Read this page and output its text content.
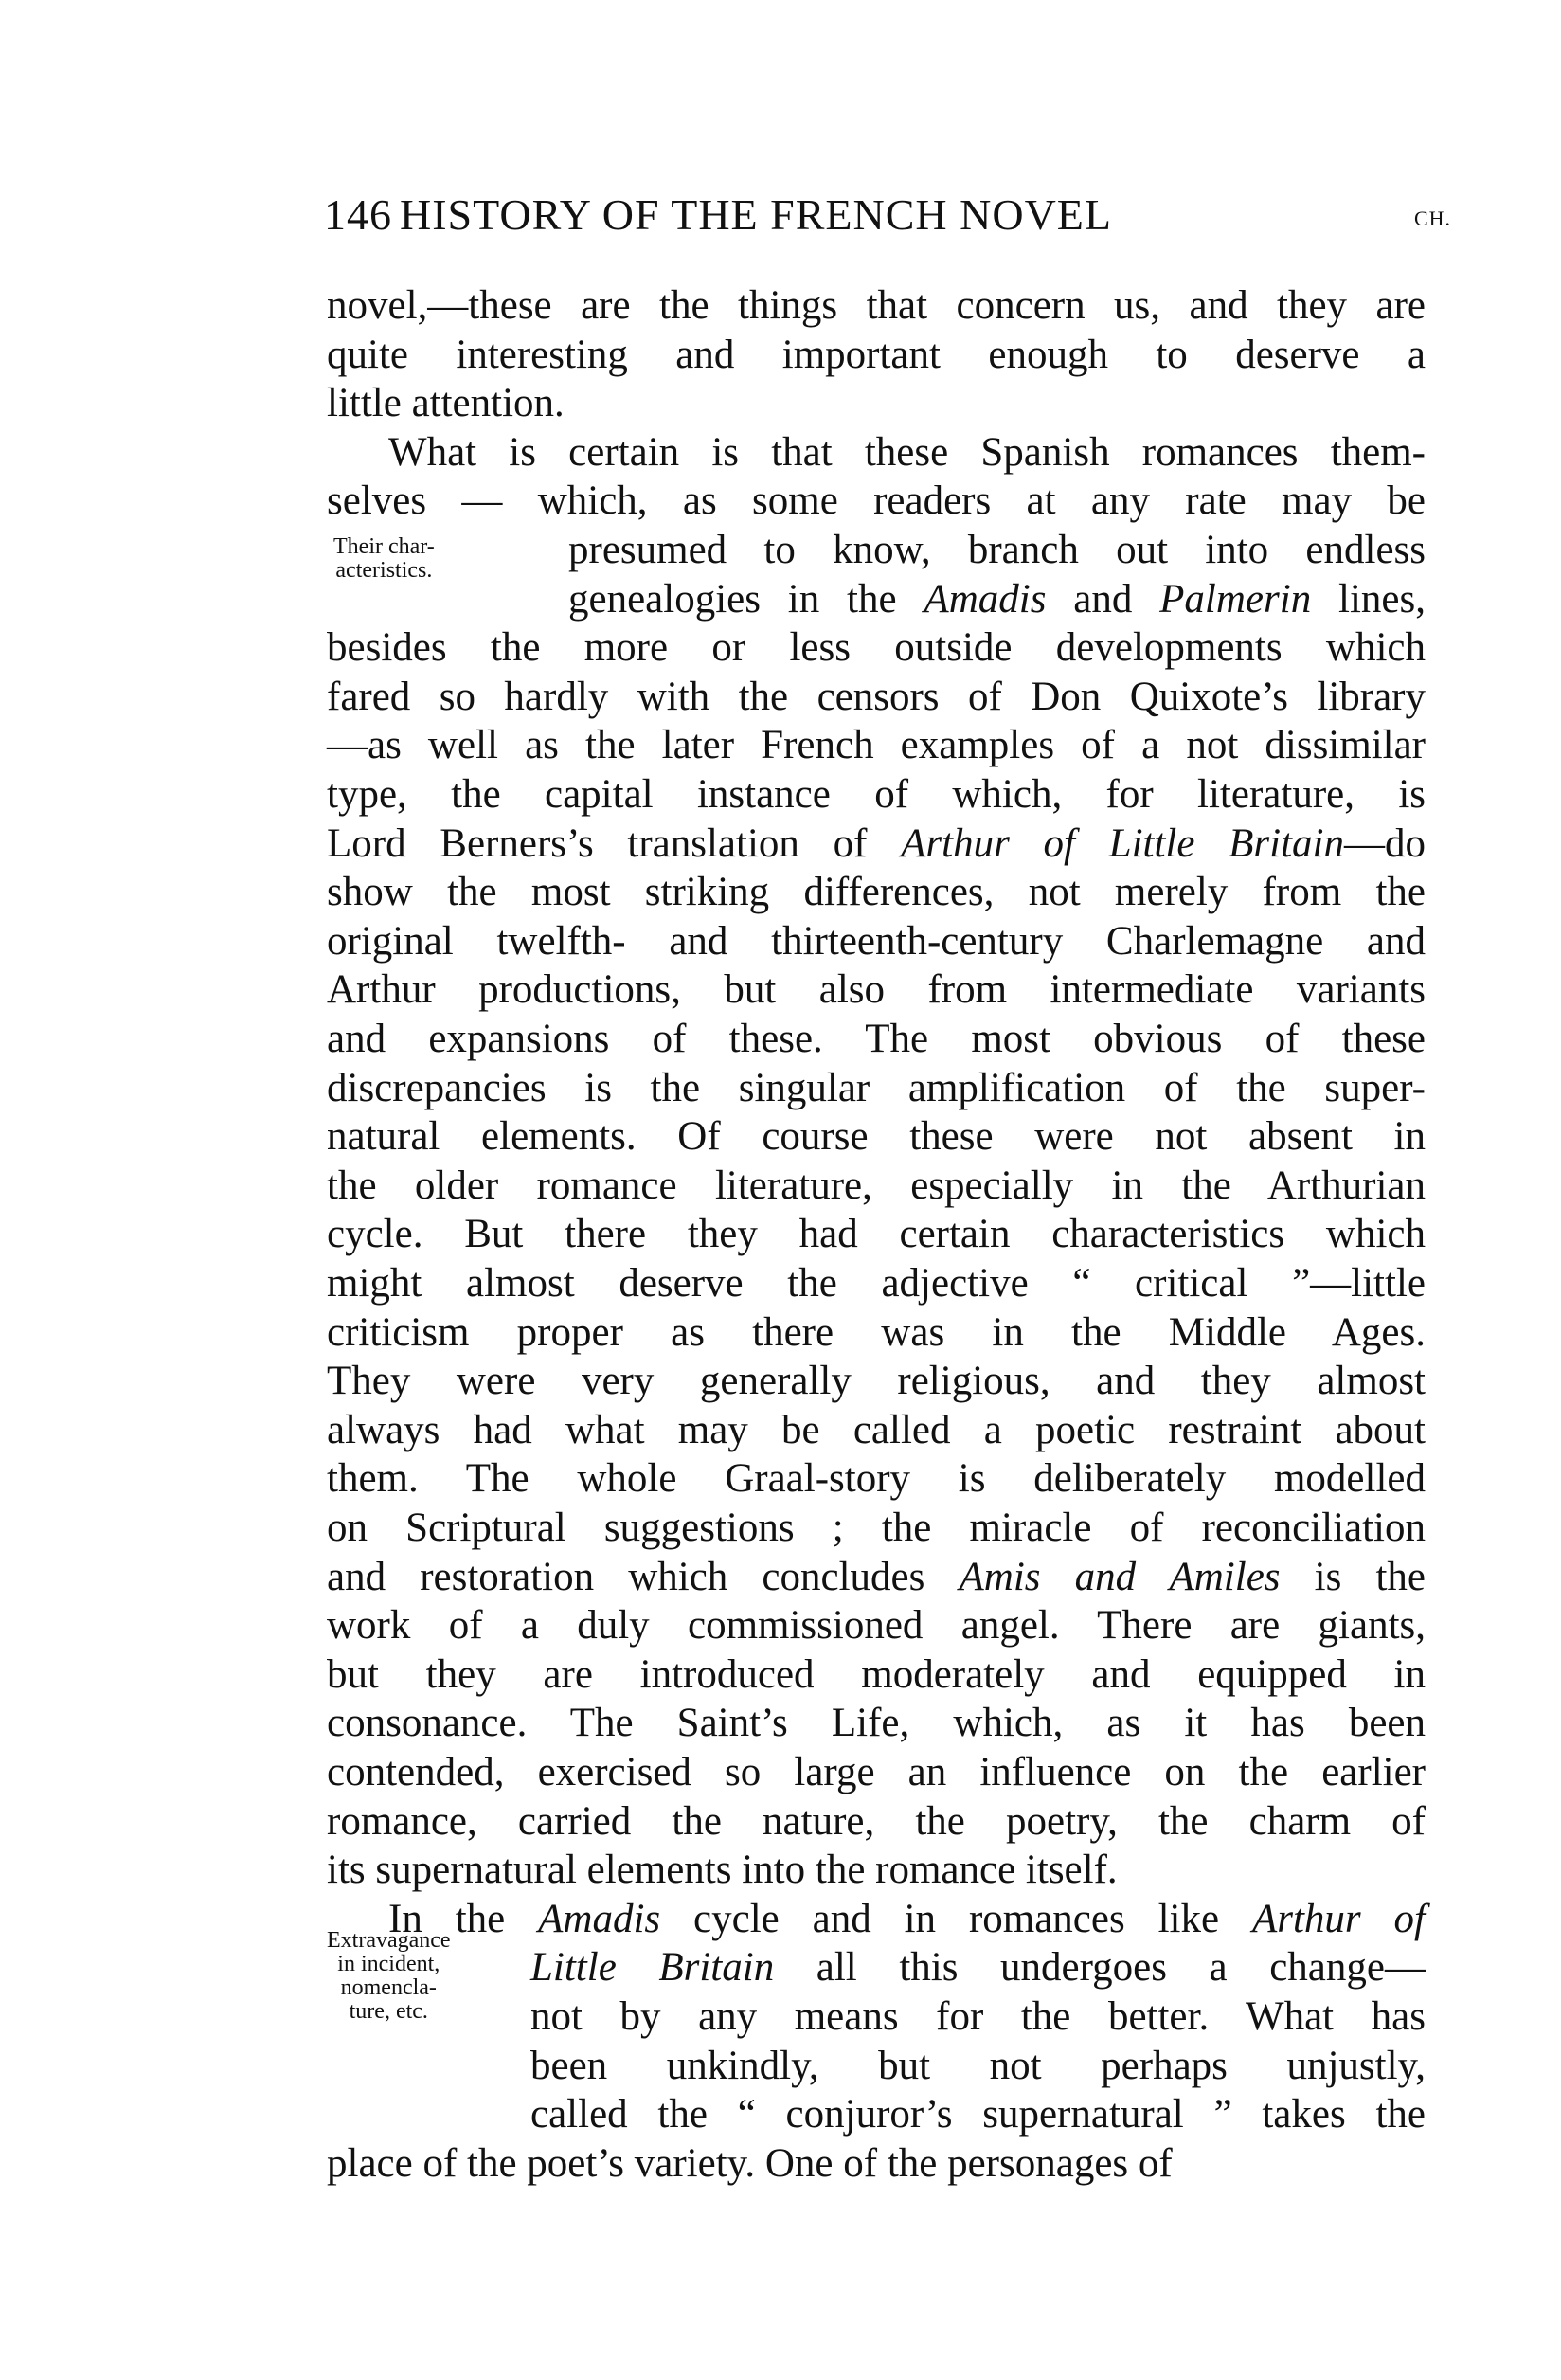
146 HISTORY OF THE FRENCH NOVEL	CH.
novel,—these are the things that concern us, and they are
quite interesting and important enough to deserve a
little attention.
What is certain is that these Spanish romances them-
selves — which, as some readers at any rate may be
presumed to know, branch out into endless
genealogies in the Amadis and Palmerin lines,
besides the more or less outside developments which
fared so hardly with the censors of Don Quixote’s library
—as well as the later French examples of a not dissimilar
type, the capital instance of which, for literature, is
Lord Berners’s translation of Arthur of Little Britain—do
show the most striking differences, not merely from the
original twelfth- and thirteenth-century Charlemagne and
Arthur productions, but also from intermediate variants
and expansions of these. The most obvious of these
discrepancies is the singular amplification of the super-
natural elements. Of course these were not absent in
the older romance literature, especially in the Arthurian
cycle. But there they had certain characteristics which
might almost deserve the adjective “ critical ”—little
criticism proper as there was in the Middle Ages.
They were very generally religious, and they almost
always had what may be called a poetic restraint about
them. The whole Graal-story is deliberately modelled
on Scriptural suggestions ; the miracle of reconciliation
and restoration which concludes Amis and Amiles is the
work of a duly commissioned angel. There are giants,
but they are introduced moderately and equipped in
consonance. The Saint’s Life, which, as it has been
contended, exercised so large an influence on the earlier
romance, carried the nature, the poetry, the charm of
its supernatural elements into the romance itself.
In the Amadis cycle and in romances like Arthur of
Little Britain all this undergoes a change—
not by any means for the better. What has
been unkindly, but not perhaps unjustly,
called the “ conjuror’s supernatural ” takes the
place of the poet’s variety. One of the personages of
Their char-
acteristics.
Extravagance
in incident,
nomencla-
ture, etc.
